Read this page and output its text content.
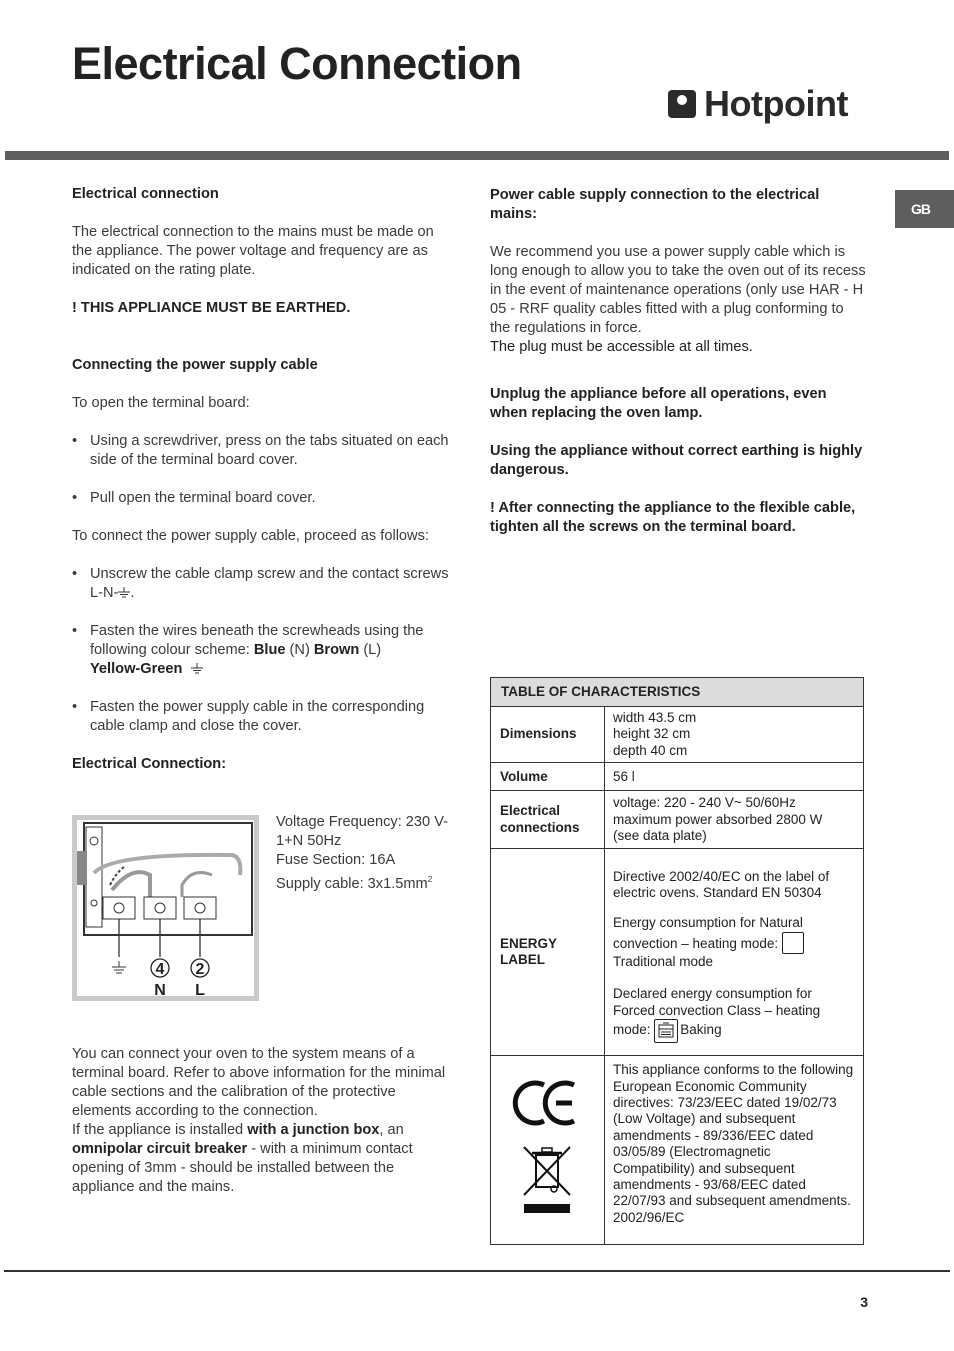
Electrical Connection
Hotpoint
GB

Electrical connection

The electrical connection to the mains must be made on the appliance. The power voltage and frequency are as indicated on the rating plate.

! THIS APPLIANCE MUST BE EARTHED.

Connecting the power supply cable

To open the terminal board:

• Using a screwdriver, press on the tabs situated on each side of the terminal board cover.

• Pull open the terminal board cover.

To connect the power supply cable, proceed as follows:

• Unscrew the cable clamp screw and the contact screws L-N- .

• Fasten the wires beneath the screwheads using the following colour scheme: Blue (N) Brown (L)
Yellow-Green

• Fasten the power supply cable in the corresponding cable clamp and close the cover.

Electrical Connection:

4 2
N L
Voltage Frequency: 230 V-1+N 50Hz
Fuse Section: 16A
Supply cable: $3x1.5mm^2$

You can connect your oven to the system means of a terminal board. Refer to above information for the minimal cable sections and the calibration of the protective elements according to the connection.

If the appliance is installed with a junction box, an omnipolar circuit breaker - with a minimum contact opening of 3mm - should be installed between the appliance and the mains.

Power cable supply connection to the electrical mains:

We recommend you use a power supply cable which is long enough to allow you to take the oven out of its recess in the event of maintenance operations (only use HAR - H 05 - RRF quality cables fitted with a plug conforming to the regulations in force.

The plug must be accessible at all times.

Unplug the appliance before all operations, even when replacing the oven lamp.

Using the appliance without correct earthing is highly dangerous.

! After connecting the appliance to the flexible cable, tighten all the screws on the terminal board.

TABLE OF CHARACTERISTICS	
Dimensions	width 43.5 cm
height 32 cm
depth 40 cm

Volume	56 l
Electrical connections	voltage: 220 - 240 V~ 50/60Hz
maximum power absorbed 2800 W
(see data plate)

ENERGY LABEL	Directive 2002/40/EC on the label of electric ovens. Standard EN 50304
Energy consumption for Natural convection – heating mode:
Traditional mode
Declared energy consumption for Forced convection Class – heating mode: Baking

	This appliance conforms to the following European Economic Community directives: 73/23/EEC dated 19/02/73 (Low Voltage) and subsequent amendments - 89/336/EEC dated 03/05/89 (Electromagnetic Compatibility) and subsequent amendments - 93/68/EEC dated 22/07/93 and subsequent amendments. 2002/96/EC
3
